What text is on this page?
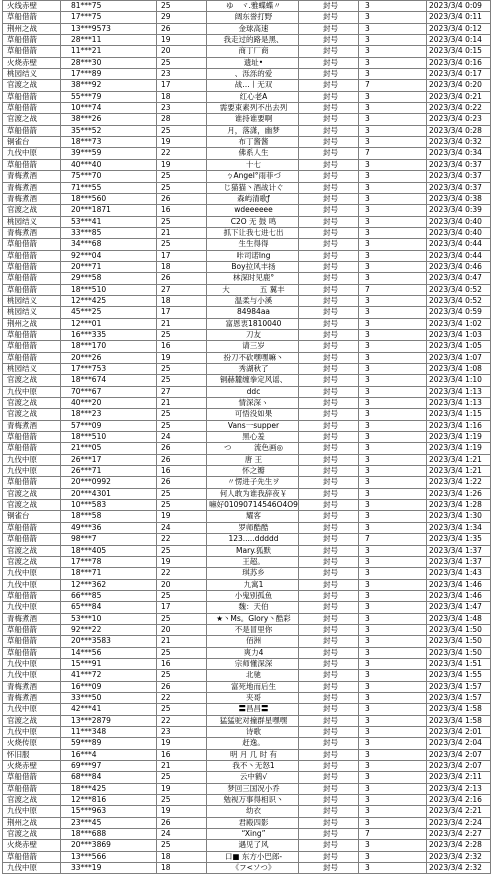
火线赤壁	81***75	25	ゆ　ヾ.雅蝶蝶〃	封号	3	2023/3/4 0:09
草船借箭	17***75	29	阔东誉打野	封号	3	2023/3/4 0:11
荆州之战	13***9573	26	金球高速	封号	3	2023/3/4 0:12
草船借箭	28***11	19	我走过的路是黑、	封号	3	2023/3/4 0:14
草船借箭	11***21	20	商丁厂商	封号	3	2023/3/4 0:15
火烧赤壁	28***30	25	遗址•	封号	3	2023/3/4 0:16
桃园结义	17***89	23	、泺泺的爱	封号	3	2023/3/4 0:17
官渡之战	38***92	17	战…丨无双	封号	7	2023/3/4 0:20
草船借箭	55***79	18	红心老A	封号	3	2023/3/4 0:21
草船借箭	10***74	23	需要束素列不出去列	封号	3	2023/3/4 0:22
官渡之战	38***26	28	谁持谁要啊	封号	3	2023/3/4 0:23
草船借箭	35***52	25	月，落潇，幽梦	封号	3	2023/3/4 0:28
铜雀台	18***73	19	布丁酱酱	封号	3	2023/3/4 0:32
九伐中原	39***59	22	佛系人生	封号	7	2023/3/4 0:34
草船借箭	40***40	19	十七	封号	3	2023/3/4 0:37
青梅煮酒	75***70	25	ㄅAngel°雨菲づ	封号	3	2023/3/4 0:37
青梅煮酒	71***55	25	じ猫猫丶酒战计ぐ	封号	3	2023/3/4 0:37
青梅煮酒	18***560	26	森屿清歌ƒ	封号	3	2023/3/4 0:38
官渡之战	20***1871	16	wdeeeeee	封号	3	2023/3/4 0:39
桃园结义	53***41	25	C2O 无 鼓 鸣	封号	3	2023/3/4 0:40
青梅煮酒	33***85	21	抓下让我七进七出	封号	3	2023/3/4 0:40
草船借箭	34***68	25	生生得得	封号	3	2023/3/4 0:44
草船借箭	92***04	17	咔司诺lng	封号	3	2023/3/4 0:44
草船借箭	20***71	18	Boy拉风丰扬	封号	3	2023/3/4 0:46
草船借箭	29***58	26	林深时见鹿°	封号	3	2023/3/4 0:47
草船借箭	18***510	27	大　　　　五 翼丰	封号	7	2023/3/4 0:52
桃园结义	12***425	18	温柔与小溪	封号	3	2023/3/4 0:52
桃园结义	45***25	17	84984aa	封号	3	2023/3/4 0:59
荆州之战	12***01	21	富恩衷1810040	封号	3	2023/3/4 1:02
草船借箭	16***335	25	刀友	封号	3	2023/3/4 1:03
草船借箭	18***170	16	请三岁	封号	3	2023/3/4 1:05
草船借箭	20***26	19	扮刀不砍嘿嘿嘛丶	封号	3	2023/3/4 1:07
桃园结义	17***753	25	秀湖秋了	封号	3	2023/3/4 1:08
官渡之战	18***674	25	铜赫麓缠拳定风谣、	封号	3	2023/3/4 1:10
九伐中原	70***67	27	ddc	封号	3	2023/3/4 1:13
官渡之战	40***20	21	情深深ヽ	封号	3	2023/3/4 1:13
官渡之战	18***23	25	可悟没如果	封号	3	2023/3/4 1:15
青梅煮酒	57***09	25	Vans一supper	封号	3	2023/3/4 1:16
草船借箭	18***510	24	黑心羞	封号	3	2023/3/4 1:19
草船借箭	21***05	26	つ　　　流色画◎	封号	3	2023/3/4 1:19
九伐中原	26***17	26	唐 王	封号	3	2023/3/4 1:21
九伐中原	26***71	16	怀之瓣	封号	3	2023/3/4 1:21
草船借箭	20***0992	26	〃愣进子先生ヲ	封号	3	2023/3/4 1:22
官渡之战	20***4301	25	何人敢为谁我辞夜￥	封号	3	2023/3/4 1:26
官渡之战	10***583	25	嘛好01090714546O4O9	封号	3	2023/3/4 1:28
铜雀台	18***58	19	耀客	封号	3	2023/3/4 1:30
草船借箭	49***36	24	罗师酷酷	封号	3	2023/3/4 1:34
草船借箭	98***7	22	123.....ddddd	封号	7	2023/3/4 1:35
官渡之战	18***405	25	Mary.狐默	封号	3	2023/3/4 1:37
官渡之战	17***78	19	王超。	封号	3	2023/3/4 1:37
九伐中原	18***71	22	琪苏乡	封号	3	2023/3/4 1:43
九伐中原	12***362	20	九寓1	封号	3	2023/3/4 1:46
草船借箭	66***85	25	小鬼别孤鱼	封号	3	2023/3/4 1:46
九伐中原	65***84	17	魏：天伯	封号	3	2023/3/4 1:47
青梅煮酒	53***10	25	★丶Ms。Glory丶酷彩	封号	3	2023/3/4 1:48
草船借箭	92***22	20	不是冒里你	封号	3	2023/3/4 1:50
草船借箭	20***3583	21	佰洲	封号	3	2023/3/4 1:50
草船借箭	14***56	25	爽力4	封号	3	2023/3/4 1:50
九伐中原	15***91	16	宗师懂深深	封号	3	2023/3/4 1:51
九伐中原	41***72	25	北驰	封号	3	2023/3/4 1:55
青梅煮酒	16***09	26	富死地而后生	封号	3	2023/3/4 1:57
青梅煮酒	33***50	22	夹哥	封号	3	2023/3/4 1:57
九伐中原	42***41	25	〓昌昌〓	封号	3	2023/3/4 1:58
官渡之战	13***2879	22	猛猛驼对撞群星嘿嘿	封号	3	2023/3/4 1:58
九伐中原	11***348	23	诗歌	封号	3	2023/3/4 2:01
火烧传原	59***89	19	赶逸。	封号	3	2023/3/4 2:04
怀旧服	16***4	16	明 月 几 时 有	封号	3	2023/3/4 2:07
火烧赤壁	69***97	21	我不丶无怒1	封号	3	2023/3/4 2:07
草船借箭	68***84	25	云中鹤√	封号	3	2023/3/4 2:11
草船借箭	18***425	19	梦回三国况小乔	封号	3	2023/3/4 2:13
官渡之战	12***816	25	勉视万事得相识丶	封号	3	2023/3/4 2:16
九伐中原	15***963	19	幼衣	封号	3	2023/3/4 2:21
荆州之战	23***45	26	君殿四影	封号	3	2023/3/4 2:24
官渡之战	18***688	24	“Xing”	封号	7	2023/3/4 2:27
火烧赤壁	20***3869	25	遇见了风	封号	3	2023/3/4 2:28
草船借箭	13***566	18	口■ 东方小巴郎-	封号	3	2023/3/4 2:32
九伐中原	33***19	18	《フ<ソつ》	封号	3	2023/3/4 2:32
